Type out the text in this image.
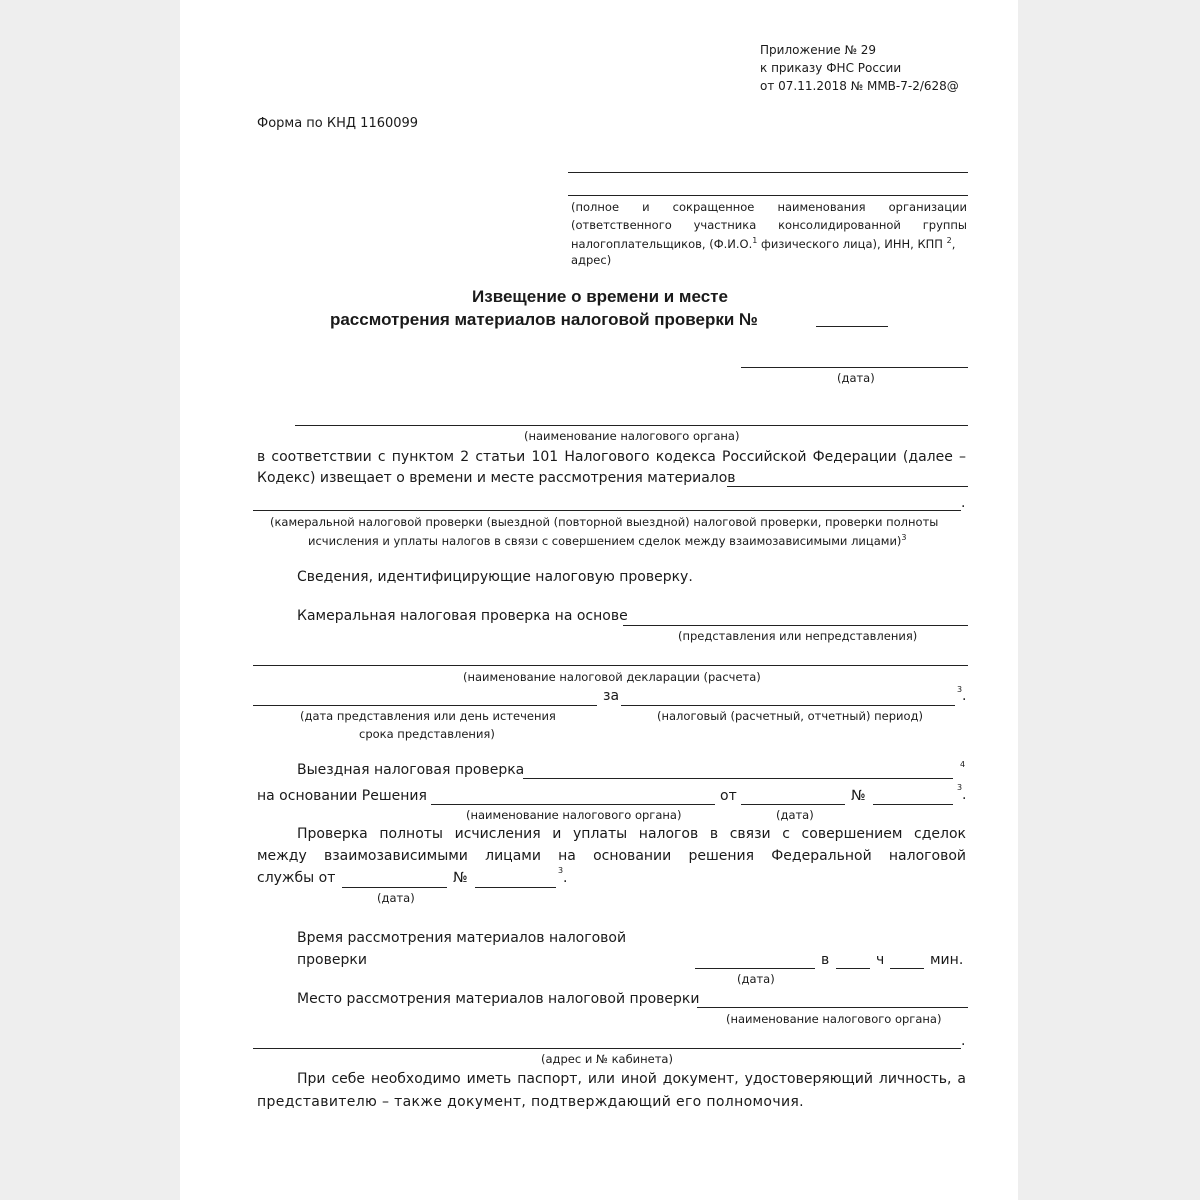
Приложение № 29
к приказу ФНС России
от 07.11.2018 № ММВ-7-2/628@
Форма по КНД 1160099
(полное и сокращенное наименования организации
(ответственного участника консолидированной группы
налогоплательщиков, (Ф.И.О.$^1$ физического лица), ИНН, КПП $^2$,
адрес)
Извещение о времени и месте
рассмотрения материалов налоговой проверки №
(дата)
(наименование налогового органа)
в соответствии с пунктом 2 статьи 101 Налогового кодекса Российской Федерации (далее –
Кодекс) извещает о времени и месте рассмотрения материалов
.
(камеральной налоговой проверки (выездной (повторной выездной) налоговой проверки, проверки полноты
исчисления и уплаты налогов в связи с совершением сделок между взаимозависимыми лицами)$^3$
Сведения, идентифицирующие налоговую проверку.
Камеральная налоговая проверка на основе
(представления или непредставления)
(наименование налоговой декларации (расчета)
за	3 .
(дата представления или день истечения
срока представления)
(налоговый (расчетный, отчетный) период)
Выездная налоговая проверка	4
на основании Решения
(наименование налогового органа)
от
(дата)
№
3 .
Проверка полноты исчисления и уплаты налогов в связи с совершением сделок
между взаимозависимыми лицами на основании решения Федеральной налоговой
службы от
(дата)
№	3 .
Время рассмотрения материалов налоговой
проверки
(дата)
в	ч	мин.
Место рассмотрения материалов налоговой проверки
(наименование налогового органа)
.
(адрес и № кабинета)
При себе необходимо иметь паспорт, или иной документ, удостоверяющий личность, а
представителю – также документ, подтверждающий его полномочия.
